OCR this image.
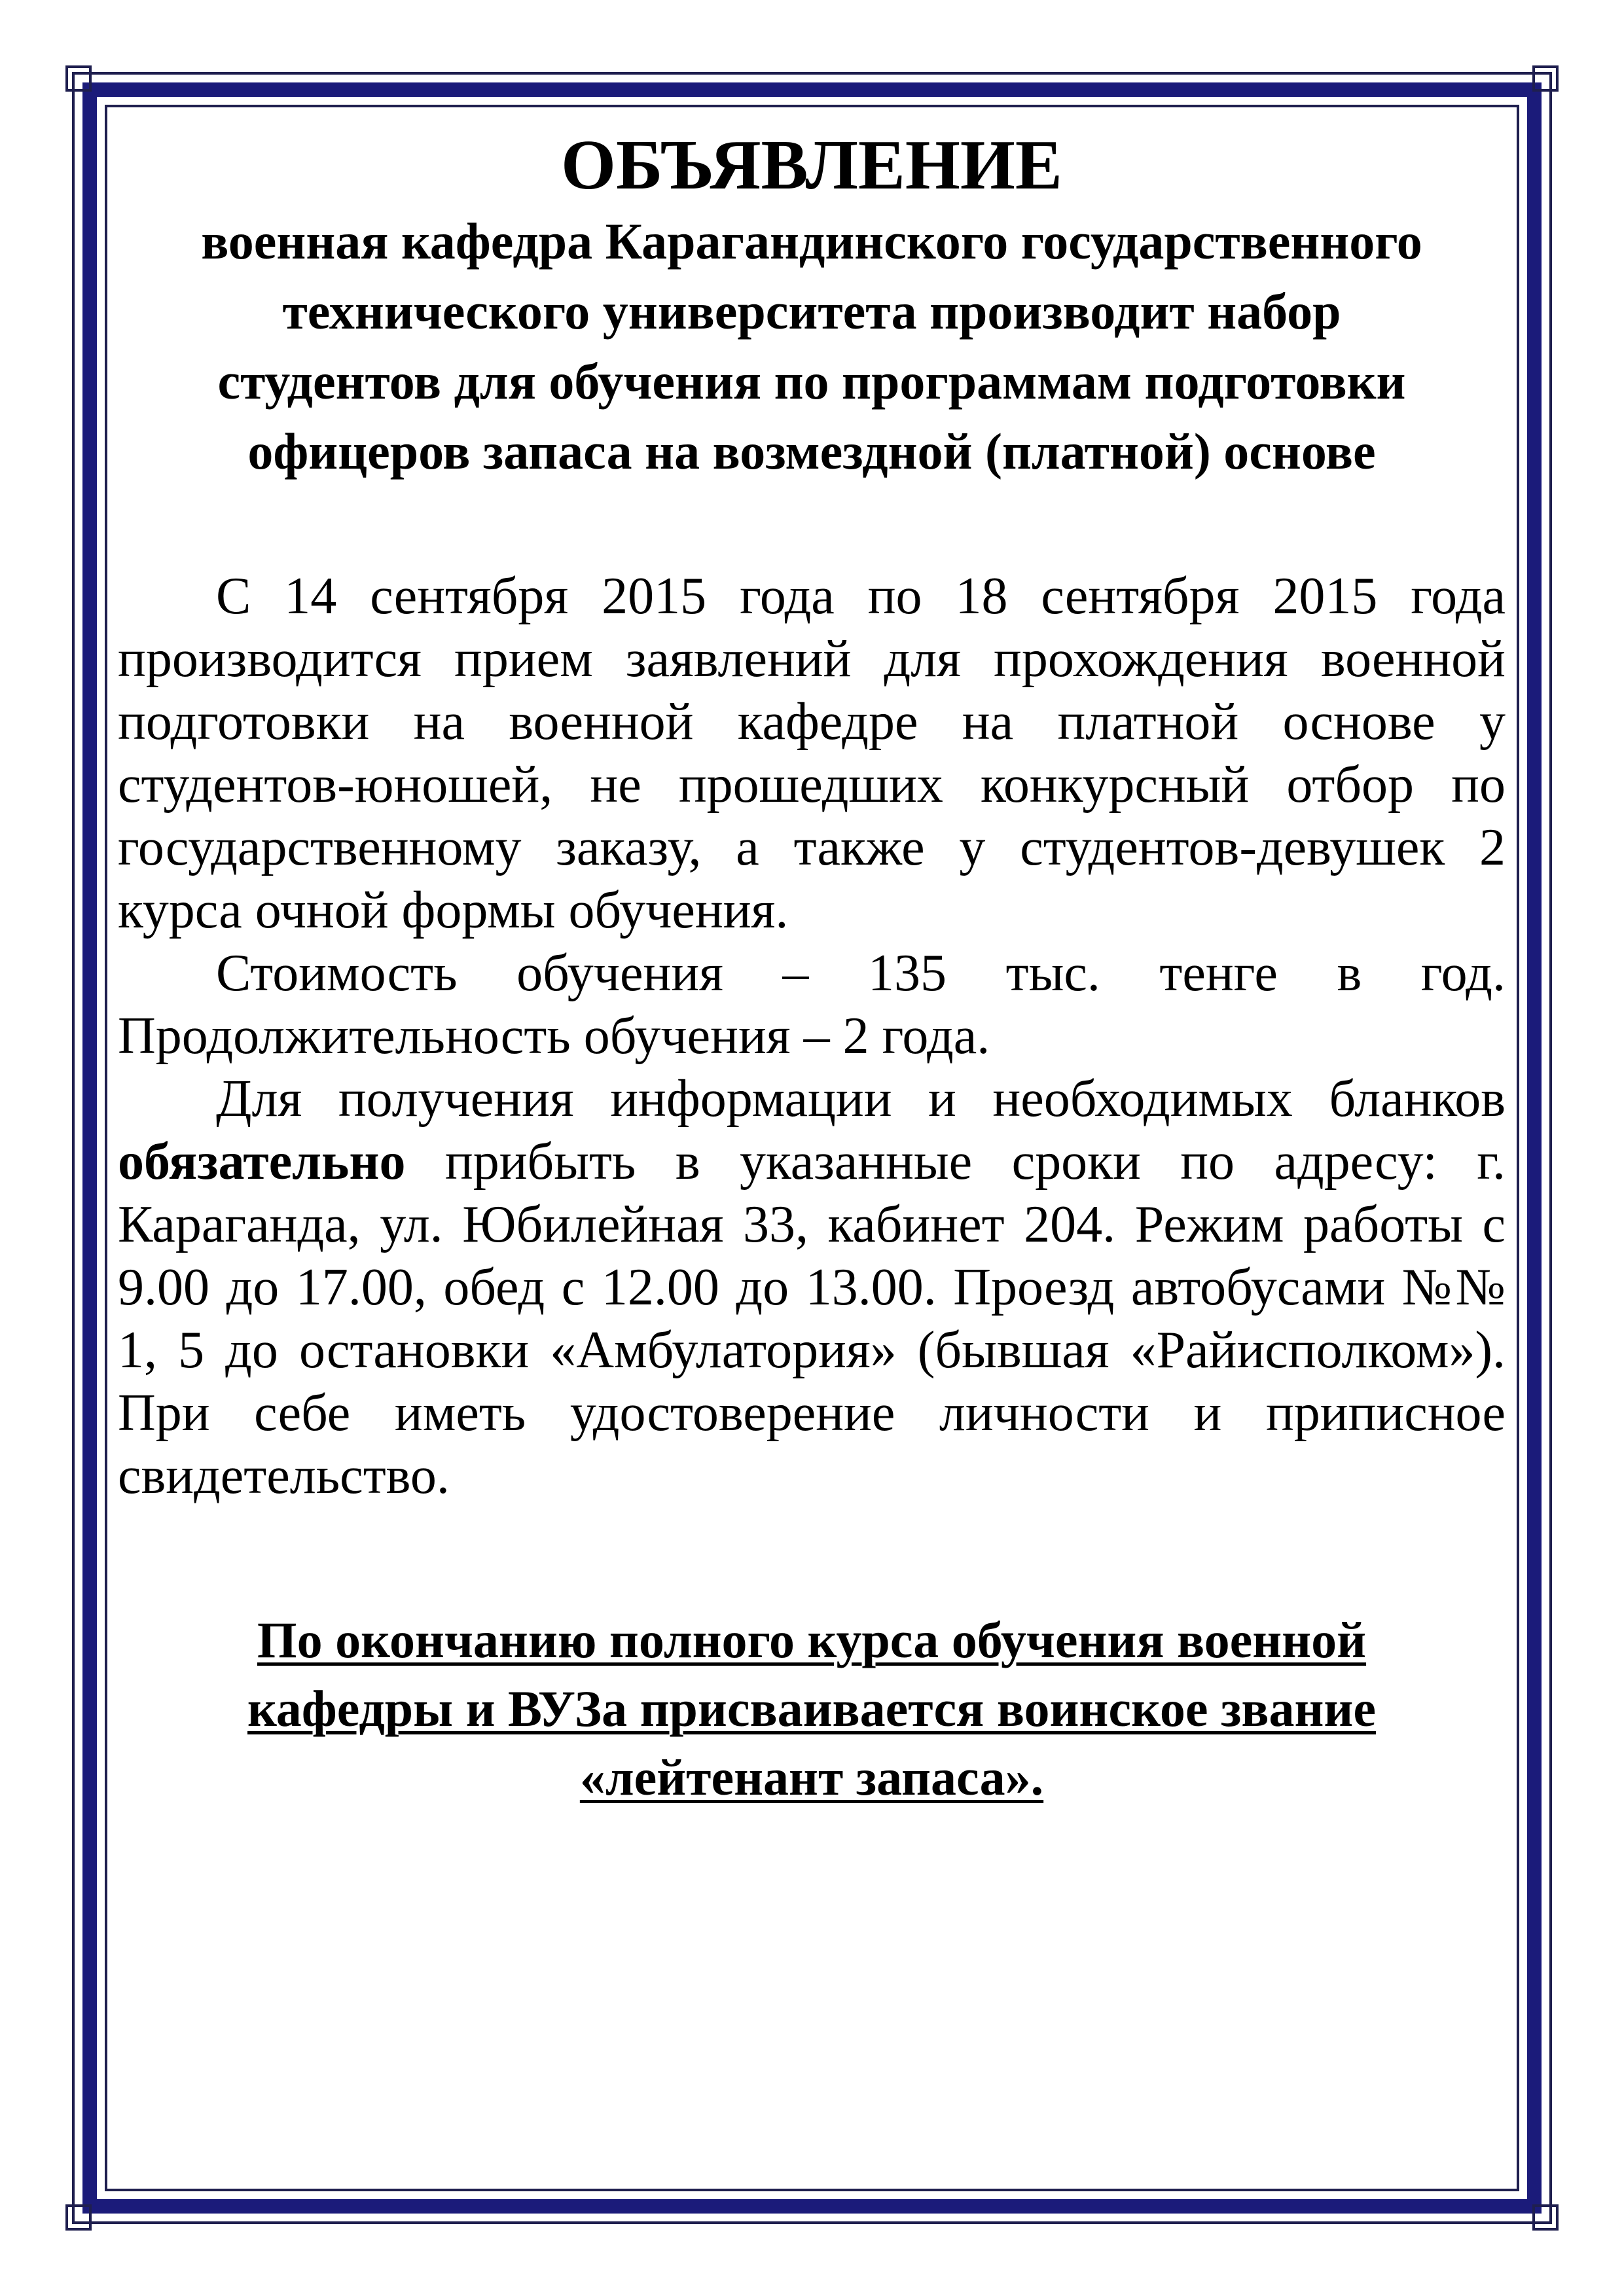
ОБЪЯВЛЕНИЕ

военная кафедра Карагандинского государственного технического университета производит набор студентов для обучения по программам подготовки офицеров запаса на возмездной (платной) основе

С 14 сентября 2015 года по 18 сентября 2015 года производится прием заявлений для прохождения военной подготовки на военной кафедре на платной основе у студентов-юношей, не прошедших конкурсный отбор по государственному заказу, а также у студентов-девушек 2 курса очной формы обучения.

Стоимость обучения – 135 тыс. тенге в год. Продолжительность обучения – 2 года.

Для получения информации и необходимых бланков обязательно прибыть в указанные сроки по адресу: г. Караганда, ул. Юбилейная 33, кабинет 204. Режим работы с 9.00 до 17.00, обед с 12.00 до 13.00. Проезд автобусами №№ 1, 5 до остановки «Амбулатория» (бывшая «Райисполком»). При себе иметь удостоверение личности и приписное свидетельство.

По окончанию полного курса обучения военной кафедры и ВУЗа присваивается воинское звание «лейтенант запаса».
